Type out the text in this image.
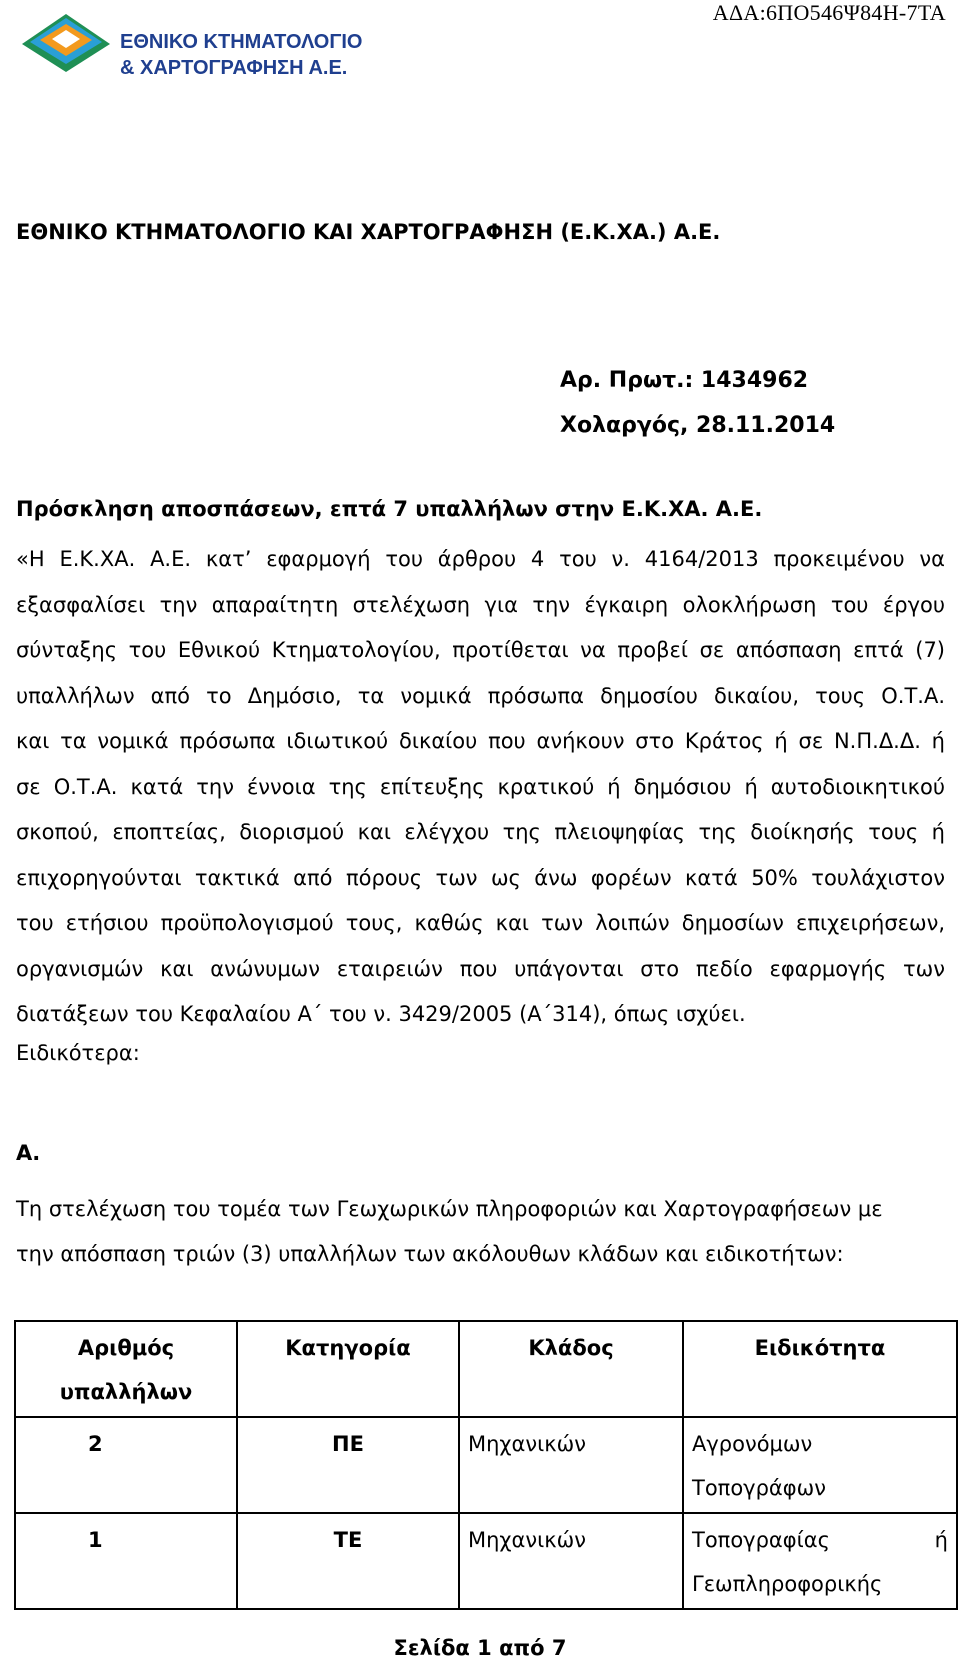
ΑΔΑ:6ΠΟ546Ψ84Η-7ΤΑ
ΕΘΝΙΚΟ ΚΤΗΜΑΤΟΛΟΓΙΟ
& ΧΑΡΤΟΓΡΑΦΗΣΗ Α.Ε.
ΕΘΝΙΚΟ ΚΤΗΜΑΤΟΛΟΓΙΟ ΚΑΙ ΧΑΡΤΟΓΡΑΦΗΣΗ (Ε.Κ.ΧΑ.) Α.Ε.
Αρ. Πρωτ.: 1434962
Χολαργός, 28.11.2014
Πρόσκληση αποσπάσεων, επτά 7 υπαλλήλων στην Ε.Κ.ΧΑ. Α.Ε.
«Η Ε.Κ.ΧΑ. Α.Ε. κατ’ εφαρμογή του άρθρου 4 του ν. 4164/2013 προκειμένου να
εξασφαλίσει την απαραίτητη στελέχωση για την έγκαιρη ολοκλήρωση του έργου
σύνταξης του Εθνικού Κτηματολογίου, προτίθεται να προβεί σε απόσπαση επτά (7)
υπαλλήλων από το Δημόσιο, τα νομικά πρόσωπα δημοσίου δικαίου, τους Ο.Τ.Α.
και τα νομικά πρόσωπα ιδιωτικού δικαίου που ανήκουν στο Κράτος ή σε Ν.Π.Δ.Δ. ή
σε Ο.Τ.Α. κατά την έννοια της επίτευξης κρατικού ή δημόσιου ή αυτοδιοικητικού
σκοπού, εποπτείας, διορισμού και ελέγχου της πλειοψηφίας της διοίκησής τους ή
επιχορηγούνται τακτικά από πόρους των ως άνω φορέων κατά 50% τουλάχιστον
του ετήσιου προϋπολογισμού τους, καθώς και των λοιπών δημοσίων επιχειρήσεων,
οργανισμών και ανώνυμων εταιρειών που υπάγονται στο πεδίο εφαρμογής των
διατάξεων του Κεφαλαίου Α΄ του ν. 3429/2005 (Α΄314), όπως ισχύει.
Ειδικότερα:
Α.
Τη στελέχωση του τομέα των Γεωχωρικών πληροφοριών και Χαρτογραφήσεων με
την απόσπαση τριών (3) υπαλλήλων των ακόλουθων κλάδων και ειδικοτήτων:
Αριθμός
υπαλλήλων	Κατηγορία	Κλάδος	Ειδικότητα
2	ΠΕ	Μηχανικών	Αγρονόμων
Τοπογράφων

1	ΤΕ	Μηχανικών	Τοπογραφίας ή
Γεωπληροφορικής
Σελίδα 1 από 7
